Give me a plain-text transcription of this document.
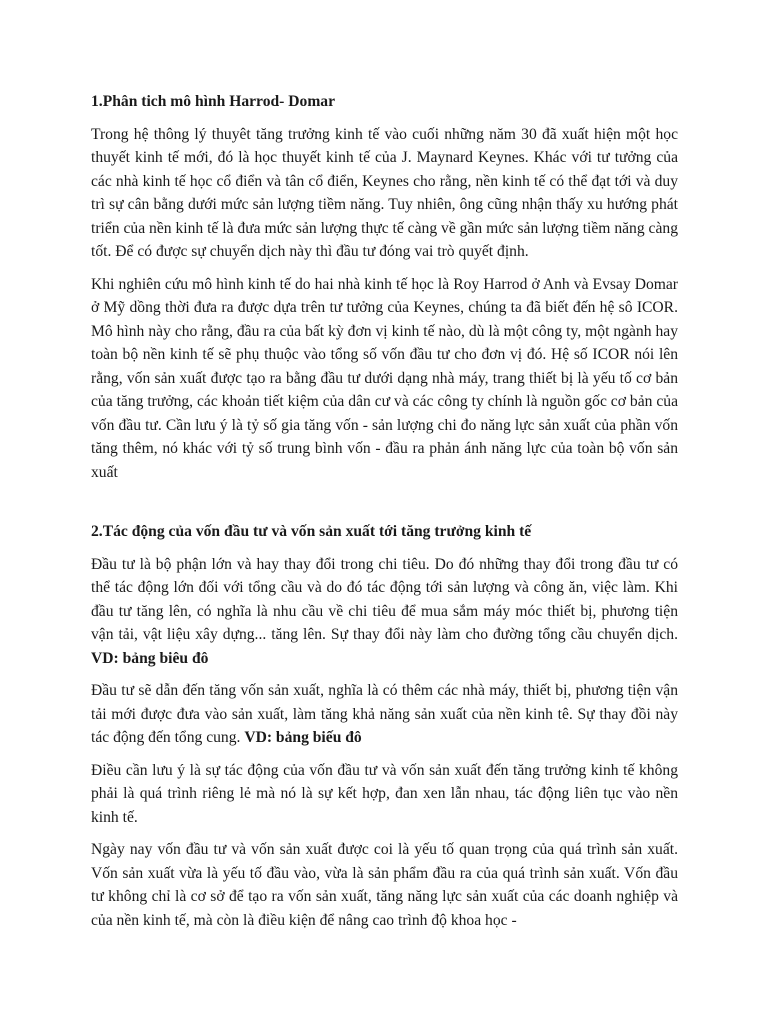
1.Phân tich mô hình Harrod- Domar

Trong hệ thông lý thuyêt tăng trưởng kinh tế vào cuối những năm 30 đã xuất hiện một học thuyết kinh tế mới, đó là học thuyết kinh tế của J. Maynard Keynes. Khác với tư tưởng của các nhà kinh tế học cổ điển và tân cổ điển, Keynes cho rằng, nền kinh tế có thể đạt tới và duy trì sự cân bằng dưới mức sản lượng tiềm năng. Tuy nhiên, ông cũng nhận thấy xu hướng phát triển của nền kinh tế là đưa mức sản lượng thực tế càng về gần mức sản lượng tiềm năng càng tốt. Để có được sự chuyển dịch này thì đầu tư đóng vai trò quyết định.

Khi nghiên cứu mô hình kinh tế do hai nhà kinh tế học là Roy Harrod ở Anh và Evsay Domar ở Mỹ dồng thời đưa ra được dựa trên tư tưởng của Keynes, chúng ta đã biết đến hệ sô ICOR. Mô hình này cho rằng, đầu ra của bất kỳ đơn vị kinh tế nào, dù là một công ty, một ngành hay toàn bộ nền kinh tế sẽ phụ thuộc vào tổng số vốn đầu tư cho đơn vị đó. Hệ số ICOR nói lên rằng, vốn sản xuất được tạo ra bằng đầu tư dưới dạng nhà máy, trang thiết bị là yếu tố cơ bản của tăng trưởng, các khoản tiết kiệm của dân cư và các công ty chính là nguồn gốc cơ bản của vốn đầu tư. Cần lưu ý là tỷ số gia tăng vốn - sản lượng chi đo năng lực sản xuất của phần vốn tăng thêm, nó khác với tỷ số trung bình vốn - đầu ra phản ánh năng lực của toàn bộ vốn sản xuất

2.Tác động của vốn đầu tư và vốn sản xuất tới tăng trưởng kinh tế

Đầu tư là bộ phận lớn và hay thay đổi trong chi tiêu. Do đó những thay đổi trong đầu tư có thể tác động lớn đối với tổng cầu và do đó tác động tới sản lượng và công ăn, việc làm. Khi đầu tư tăng lên, có nghĩa là nhu cầu về chi tiêu để mua sắm máy móc thiết bị, phương tiện vận tải, vật liệu xây dựng... tăng lên. Sự thay đổi này làm cho đường tổng cầu chuyển dịch. VD: bảng biêu đô

Đầu tư sẽ dẫn đến tăng vốn sản xuất, nghĩa là có thêm các nhà máy, thiết bị, phương tiện vận tải mới được đưa vào sản xuất, làm tăng khả năng sản xuất của nền kinh tê. Sự thay đồi này tác động đến tổng cung. VD: bảng biếu đô

Điều cần lưu ý là sự tác động của vốn đầu tư và vốn sản xuất đến tăng trưởng kinh tế không phải là quá trình riêng lẻ mà nó là sự kết hợp, đan xen lẫn nhau, tác động liên tục vào nền kinh tế.

Ngày nay vốn đầu tư và vốn sản xuất được coi là yếu tố quan trọng của quá trình sản xuất. Vốn sản xuất vừa là yếu tố đầu vào, vừa là sản phẩm đầu ra của quá trình sản xuất. Vốn đầu tư không chỉ là cơ sở để tạo ra vốn sản xuất, tăng năng lực sản xuất của các doanh nghiệp và của nền kinh tế, mà còn là điều kiện để nâng cao trình độ khoa học -
